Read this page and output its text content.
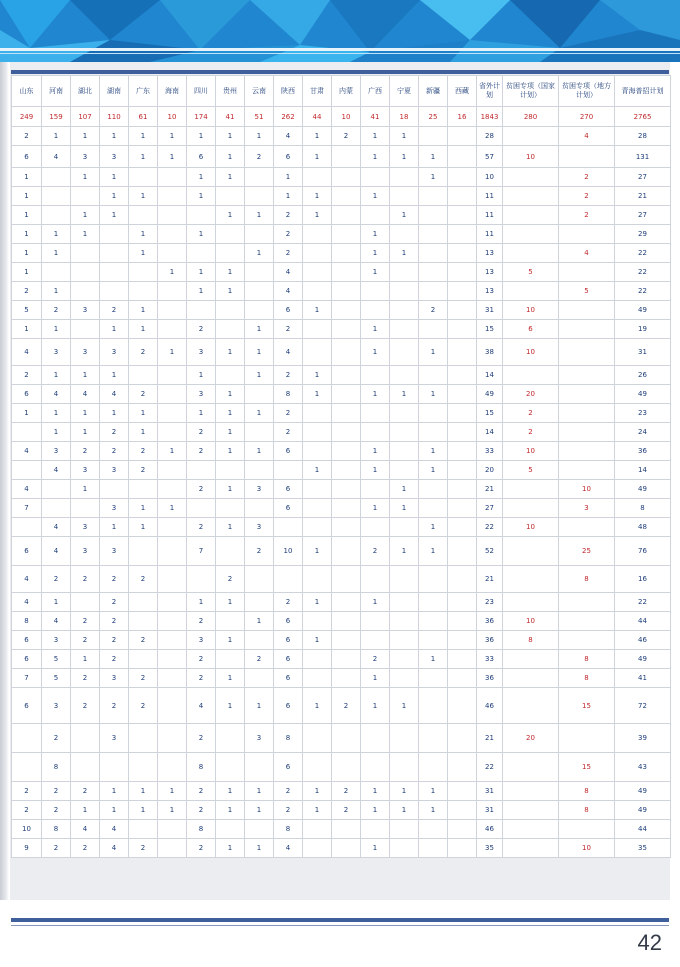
山东	河南	湖北	湖南	广东	海南	四川	贵州	云南	陕西	甘肃	内蒙	广西	宁夏	新疆	西藏	省外计划	贫困专项（国家计划）	贫困专项（地方计划）	青海普招计划
249	159	107	110	61	10	174	41	51	262	44	10	41	18	25	16	1843	280	270	2765
2	1	1	1	1	1	1	1	1	4	1	2	1	1			28		4	28
6	4	3	3	1	1	6	1	2	6	1		1	1	1		57	10		131
1		1	1			1	1		1					1		10		2	27
1			1	1		1			1	1		1				11		2	21
1		1	1				1	1	2	1			1			11		2	27
1	1	1		1		1			2			1				11			29
1	1			1				1	2			1	1			13		4	22
1					1	1	1		4			1				13	5		22
2	1					1	1		4							13		5	22
5	2	3	2	1					6	1				2		31	10		49
1	1		1	1		2		1	2			1				15	6		19
4	3	3	3	2	1	3	1	1	4			1		1		38	10		31
2	1	1	1			1		1	2	1						14			26
6	4	4	4	2		3	1		8	1		1	1	1		49	20		49
1	1	1	1	1		1	1	1	2							15	2		23
	1	1	2	1		2	1		2							14	2		24
4	3	2	2	2	1	2	1	1	6			1		1		33	10		36
	4	3	3	2						1		1		1		20	5		14
4		1				2	1	3	6				1			21		10	49
7			3	1	1				6			1	1			27		3	8
	4	3	1	1		2	1	3						1		22	10		48
6	4	3	3			7		2	10	1		2	1	1		52		25	76
4	2	2	2	2			2									21		8	16
4	1		2			1	1		2	1		1				23			22
8	4	2	2			2		1	6							36	10		44
6	3	2	2	2		3	1		6	1						36	8		46
6	5	1	2			2		2	6			2		1		33		8	49
7	5	2	3	2		2	1		6			1				36		8	41
6	3	2	2	2		4	1	1	6	1	2	1	1			46		15	72
	2		3			2		3	8							21	20		39
	8					8			6							22		15	43
2	2	2	1	1	1	2	1	1	2	1	2	1	1	1		31		8	49
2	2	1	1	1	1	2	1	1	2	1	2	1	1	1		31		8	49
10	8	4	4			8			8							46			44
9	2	2	4	2		2	1	1	4			1				35		10	35
42
